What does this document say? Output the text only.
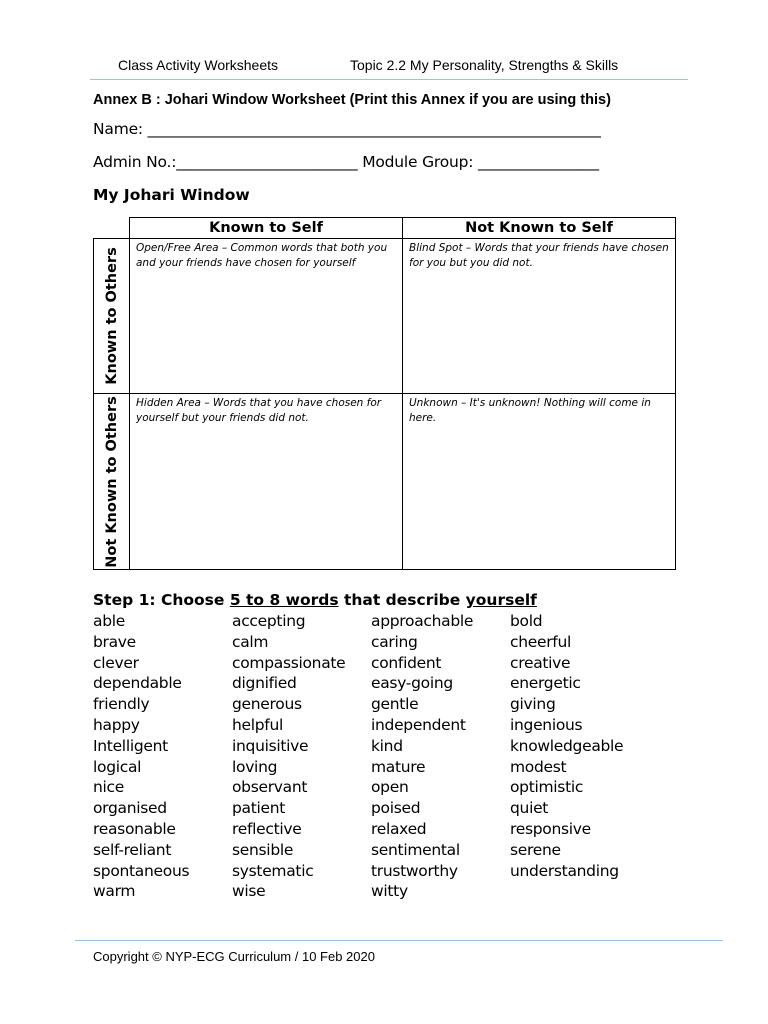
Class Activity Worksheets	Topic 2.2 My Personality, Strengths & Skills
Annex B : Johari Window Worksheet (Print this Annex if you are using this)
Name: ____________________________________________________________
Admin No.:________________________ Module Group: ________________
My Johari Window
	Known to Self	Not Known to Self

Known to Others	Open/Free Area – Common words that both you and your friends have chosen for yourself	Blind Spot – Words that your friends have chosen for you but you did not.

Not Known to Others	Hidden Area – Words that you have chosen for yourself but your friends did not.	Unknown – It's unknown! Nothing will come in here.
Step 1: Choose 5 to 8 words that describe yourself
able	accepting	approachable	bold
brave	calm	caring	cheerful
clever	compassionate	confident	creative
dependable	dignified	easy-going	energetic
friendly	generous	gentle	giving
happy	helpful	independent	ingenious
Intelligent	inquisitive	kind	knowledgeable
logical	loving	mature	modest
nice	observant	open	optimistic
organised	patient	poised	quiet
reasonable	reflective	relaxed	responsive
self-reliant	sensible	sentimental	serene
spontaneous	systematic	trustworthy	understanding
warm	wise	witty
Copyright © NYP-ECG Curriculum / 10 Feb 2020
